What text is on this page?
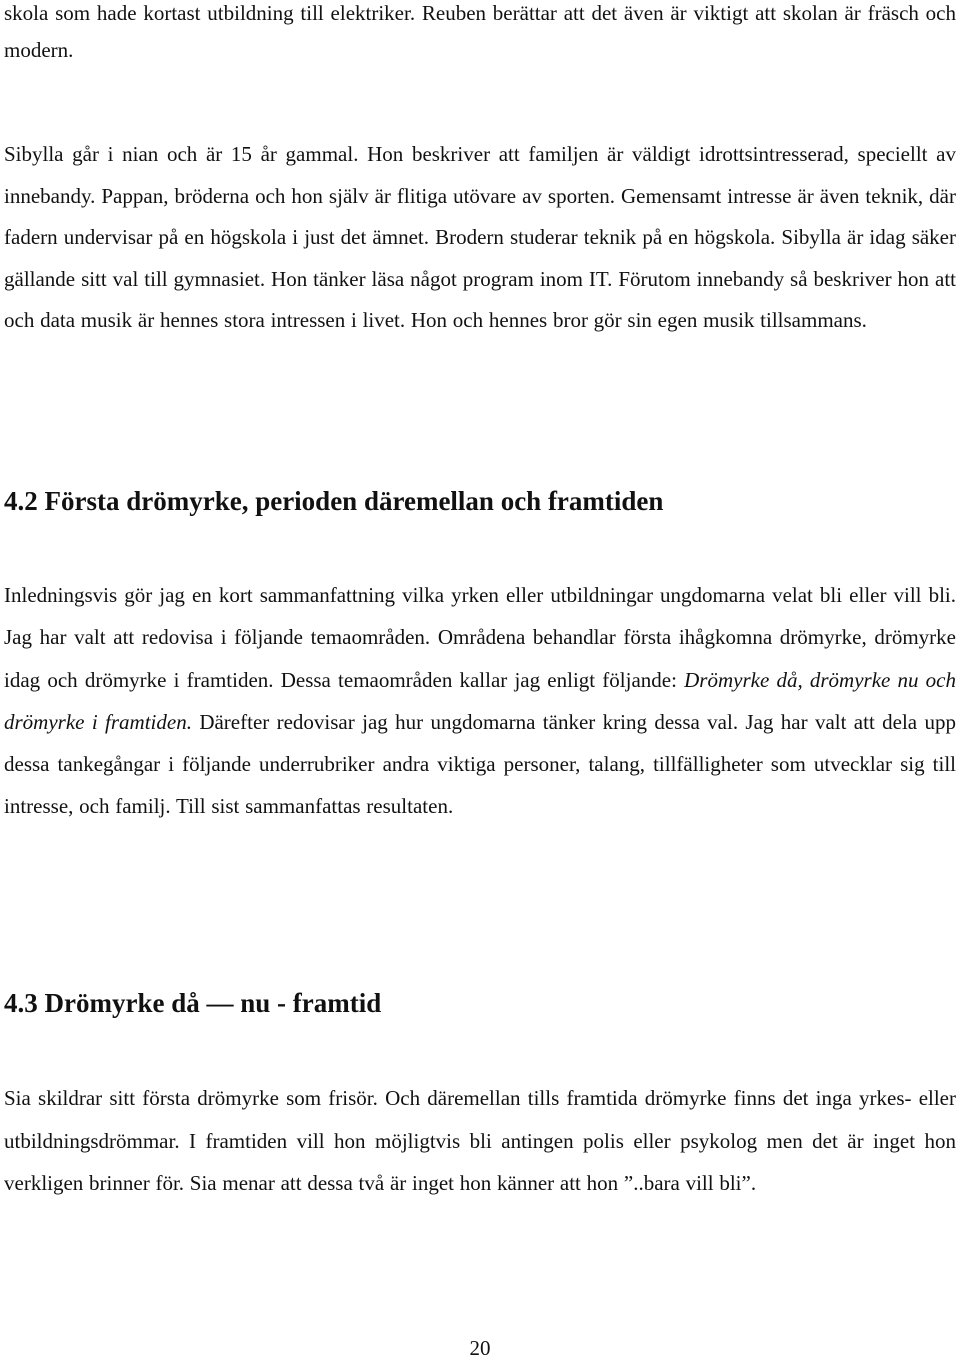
skola som hade kortast utbildning till elektriker. Reuben berättar att det även är viktigt att skolan är fräsch och modern.

Sibylla går i nian och är 15 år gammal. Hon beskriver att familjen är väldigt idrottsintresserad, speciellt av innebandy. Pappan, bröderna och hon själv är flitiga utövare av sporten. Gemensamt intresse är även teknik, där fadern undervisar på en högskola i just det ämnet. Brodern studerar teknik på en högskola. Sibylla är idag säker gällande sitt val till gymnasiet. Hon tänker läsa något program inom IT. Förutom innebandy så beskriver hon att och data musik är hennes stora intressen i livet. Hon och hennes bror gör sin egen musik tillsammans.

4.2 Första drömyrke, perioden däremellan och framtiden

Inledningsvis gör jag en kort sammanfattning vilka yrken eller utbildningar ungdomarna velat bli eller vill bli. Jag har valt att redovisa i följande temaområden. Områdena behandlar första ihågkomna drömyrke, drömyrke idag och drömyrke i framtiden. Dessa temaområden kallar jag enligt följande: Drömyrke då, drömyrke nu och drömyrke i framtiden. Därefter redovisar jag hur ungdomarna tänker kring dessa val. Jag har valt att dela upp dessa tankegångar i följande underrubriker andra viktiga personer, talang, tillfälligheter som utvecklar sig till intresse, och familj. Till sist sammanfattas resultaten.

4.3 Drömyrke då — nu - framtid

Sia skildrar sitt första drömyrke som frisör. Och däremellan tills framtida drömyrke finns det inga yrkes- eller utbildningsdrömmar. I framtiden vill hon möjligtvis bli antingen polis eller psykolog men det är inget hon verkligen brinner för. Sia menar att dessa två är inget hon känner att hon ”..bara vill bli”.

20
